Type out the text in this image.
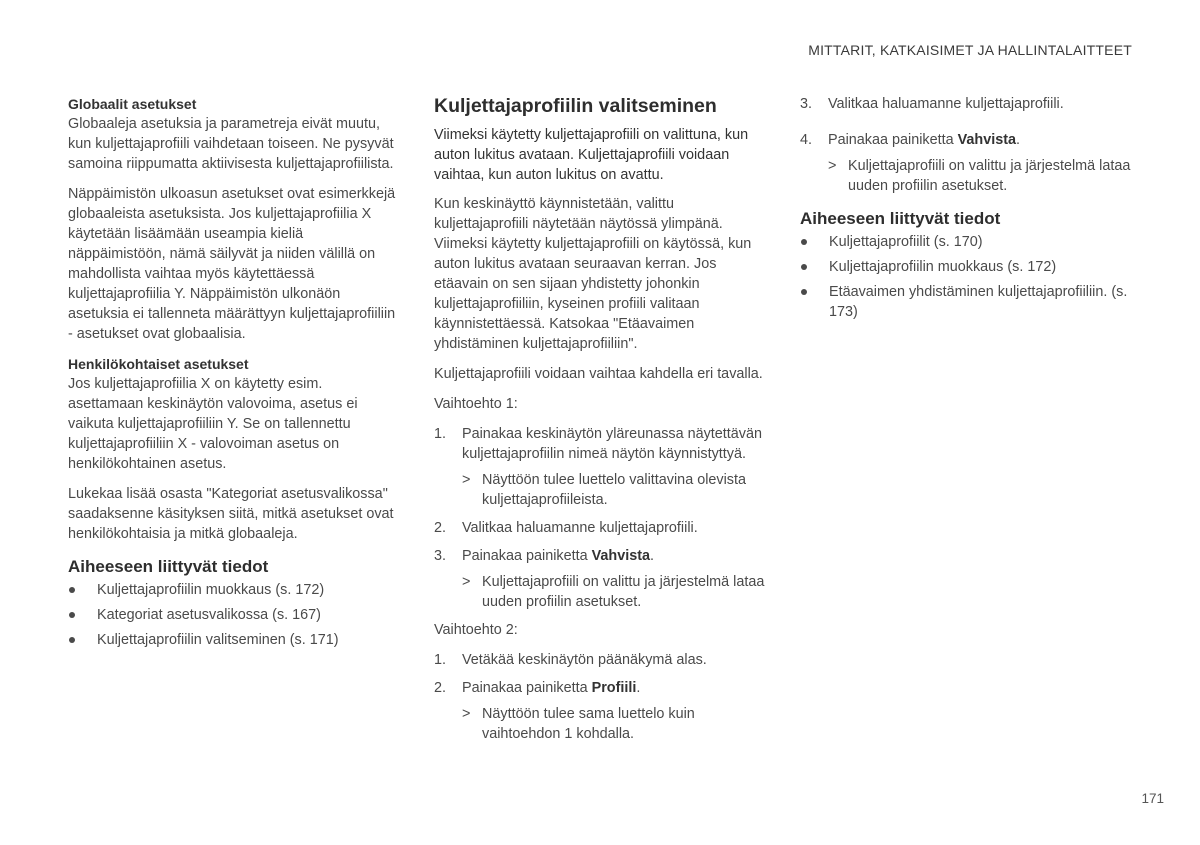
MITTARIT, KATKAISIMET JA HALLINTALAITTEET
Globaalit asetukset

Globaaleja asetuksia ja parametreja eivät muutu, kun kuljettajaprofiili vaihdetaan toiseen. Ne pysyvät samoina riippumatta aktiivisesta kuljettajaprofiilista.

Näppäimistön ulkoasun asetukset ovat esimerkkejä globaaleista asetuksista. Jos kuljettajaprofiilia X käytetään lisäämään useampia kieliä näppäimistöön, nämä säilyvät ja niiden välillä on mahdollista vaihtaa myös käytettäessä kuljettajaprofiilia Y. Näppäimistön ulkonäön asetuksia ei tallenneta määrättyyn kuljettajaprofiiliin - asetukset ovat globaalisia.

Henkilökohtaiset asetukset

Jos kuljettajaprofiilia X on käytetty esim. asettamaan keskinäytön valovoima, asetus ei vaikuta kuljettajaprofiiliin Y. Se on tallennettu kuljettajaprofiiliin X - valovoiman asetus on henkilökohtainen asetus.

Lukekaa lisää osasta "Kategoriat asetusvalikossa" saadaksenne käsityksen siitä, mitkä asetukset ovat henkilökohtaisia ja mitkä globaaleja.

Aiheeseen liittyvät tiedot
Kuljettajaprofiilin muokkaus (s. 172)
Kategoriat asetusvalikossa (s. 167)
Kuljettajaprofiilin valitseminen (s. 171)
Kuljettajaprofiilin valitseminen

Viimeksi käytetty kuljettajaprofiili on valittuna, kun auton lukitus avataan. Kuljettajaprofiili voidaan vaihtaa, kun auton lukitus on avattu.

Kun keskinäyttö käynnistetään, valittu kuljettajaprofiili näytetään näytössä ylimpänä. Viimeksi käytetty kuljettajaprofiili on käytössä, kun auton lukitus avataan seuraavan kerran. Jos etäavain on sen sijaan yhdistetty johonkin kuljettajaprofiiliin, kyseinen profiili valitaan käynnistettäessä. Katsokaa "Etäavaimen yhdistäminen kuljettajaprofiiliin".

Kuljettajaprofiili voidaan vaihtaa kahdella eri tavalla.

Vaihtoehto 1:

1. Painakaa keskinäytön yläreunassa näytettävän kuljettajaprofiilin nimeä näytön käynnistyttyä.
> Näyttöön tulee luettelo valittavina olevista kuljettajaprofiileista.
2. Valitkaa haluamanne kuljettajaprofiili.
3. Painakaa painiketta Vahvista.
> Kuljettajaprofiili on valittu ja järjestelmä lataa uuden profiilin asetukset.

Vaihtoehto 2:

1. Vetäkää keskinäytön päänäkymä alas.
2. Painakaa painiketta Profiili.
> Näyttöön tulee sama luettelo kuin vaihtoehdon 1 kohdalla.
3. Valitkaa haluamanne kuljettajaprofiili.
4. Painakaa painiketta Vahvista.
> Kuljettajaprofiili on valittu ja järjestelmä lataa uuden profiilin asetukset.
Aiheeseen liittyvät tiedot
Kuljettajaprofiilit (s. 170)
Kuljettajaprofiilin muokkaus (s. 172)
Etäavaimen yhdistäminen kuljettajaprofiiliin. (s. 173)
171
